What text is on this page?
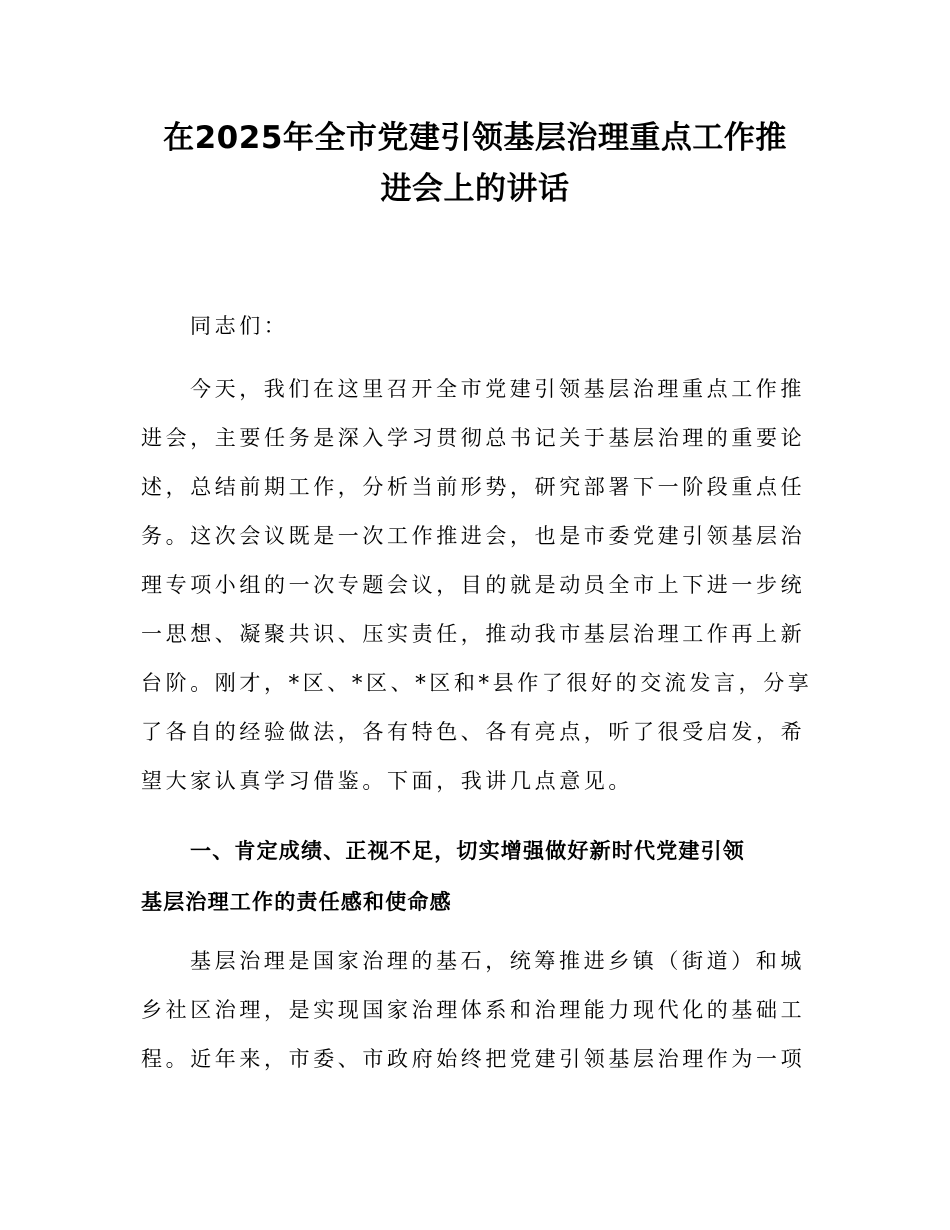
在2025年全市党建引领基层治理重点工作推
进会上的讲话
同志们：
今天，我们在这里召开全市党建引领基层治理重点工作推
进会，主要任务是深入学习贯彻总书记关于基层治理的重要论
述，总结前期工作，分析当前形势，研究部署下一阶段重点任
务。这次会议既是一次工作推进会，也是市委党建引领基层治
理专项小组的一次专题会议，目的就是动员全市上下进一步统
一思想、凝聚共识、压实责任，推动我市基层治理工作再上新
台阶。刚才，*区、*区、*区和*县作了很好的交流发言，分享
了各自的经验做法，各有特色、各有亮点，听了很受启发，希
望大家认真学习借鉴。下面，我讲几点意见。
一、肯定成绩、正视不足，切实增强做好新时代党建引领
基层治理工作的责任感和使命感
基层治理是国家治理的基石，统筹推进乡镇（街道）和城
乡社区治理，是实现国家治理体系和治理能力现代化的基础工
程。近年来，市委、市政府始终把党建引领基层治理作为一项
